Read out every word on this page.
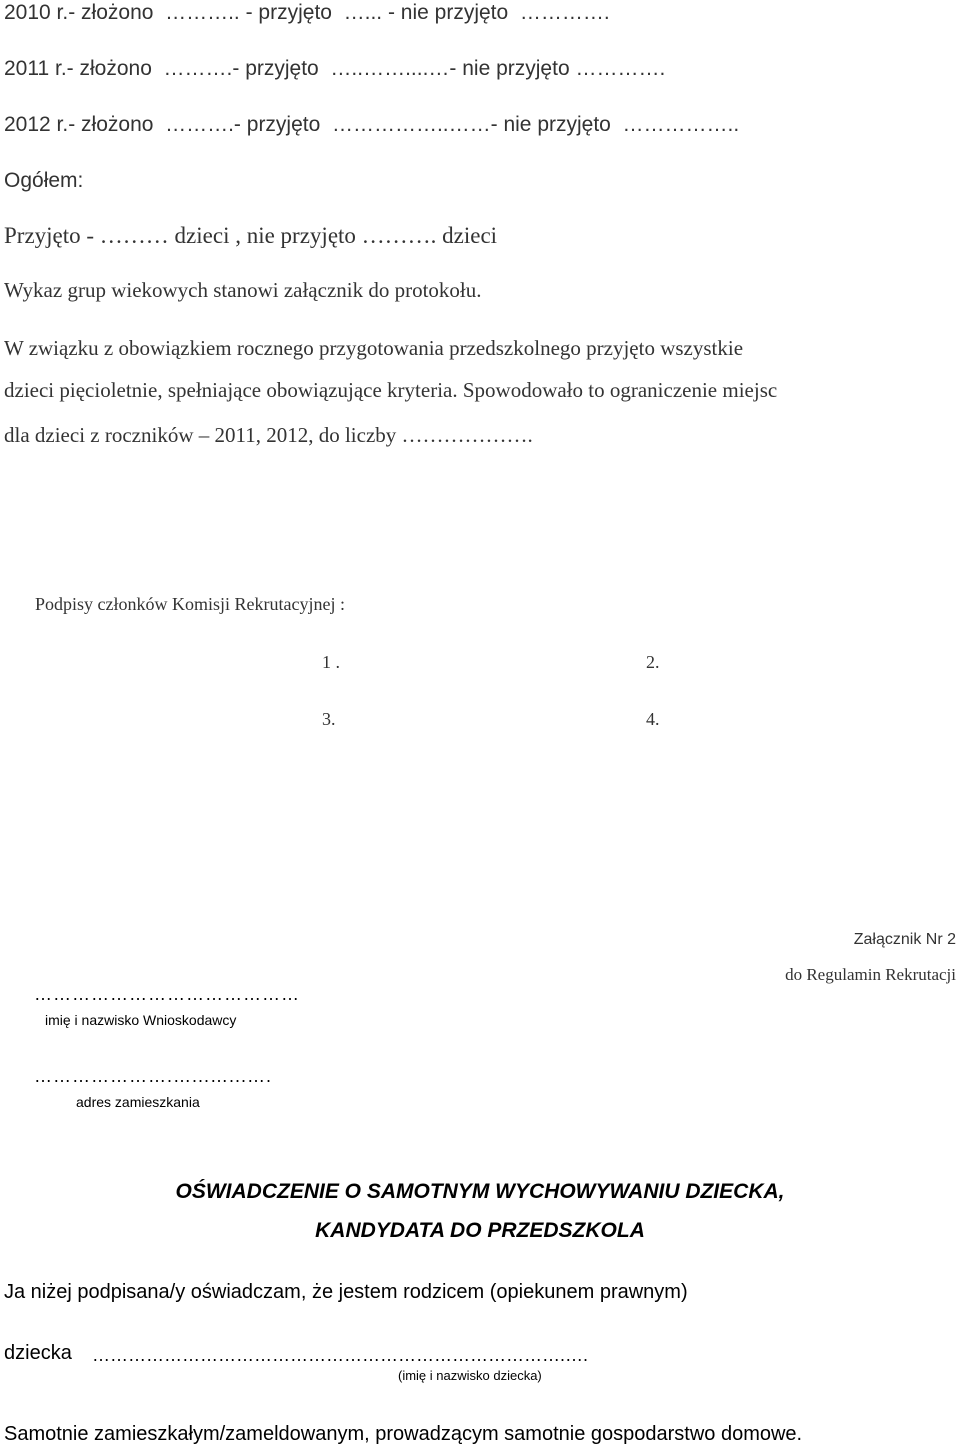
2010 r.- złożono  ……….. - przyjęto  …... - nie przyjęto  ………….
2011 r.- złożono  ……….- przyjęto  …..……....…- nie przyjęto ………….
2012 r.- złożono  ……….- przyjęto  ……………..……- nie przyjęto  ……………..
Ogółem:
Przyjęto - ……… dzieci , nie przyjęto ………. dzieci
Wykaz grup wiekowych stanowi załącznik do protokołu.
W związku z obowiązkiem rocznego przygotowania przedszkolnego przyjęto wszystkie
dzieci pięcioletnie, spełniające obowiązujące kryteria. Spowodowało to ograniczenie miejsc
dla dzieci z roczników – 2011, 2012, do liczby ……………….
Podpisy członków Komisji Rekrutacyjnej :
1 .	2.
3.	4.
Załącznik Nr 2
do Regulamin Rekrutacji
……………………………………
imię i nazwisko Wnioskodawcy
………………….…...…...….
adres zamieszkania
OŚWIADCZENIE O SAMOTNYM WYCHOWYWANIU DZIECKA,
KANDYDATA DO PRZEDSZKOLA
Ja niżej podpisana/y oświadczam, że jestem rodzicem (opiekunem prawnym)
dziecka …………………………………………………………………….….
(imię i nazwisko dziecka)
Samotnie zamieszkałym/zameldowanym, prowadzącym samotnie gospodarstwo domowe.
